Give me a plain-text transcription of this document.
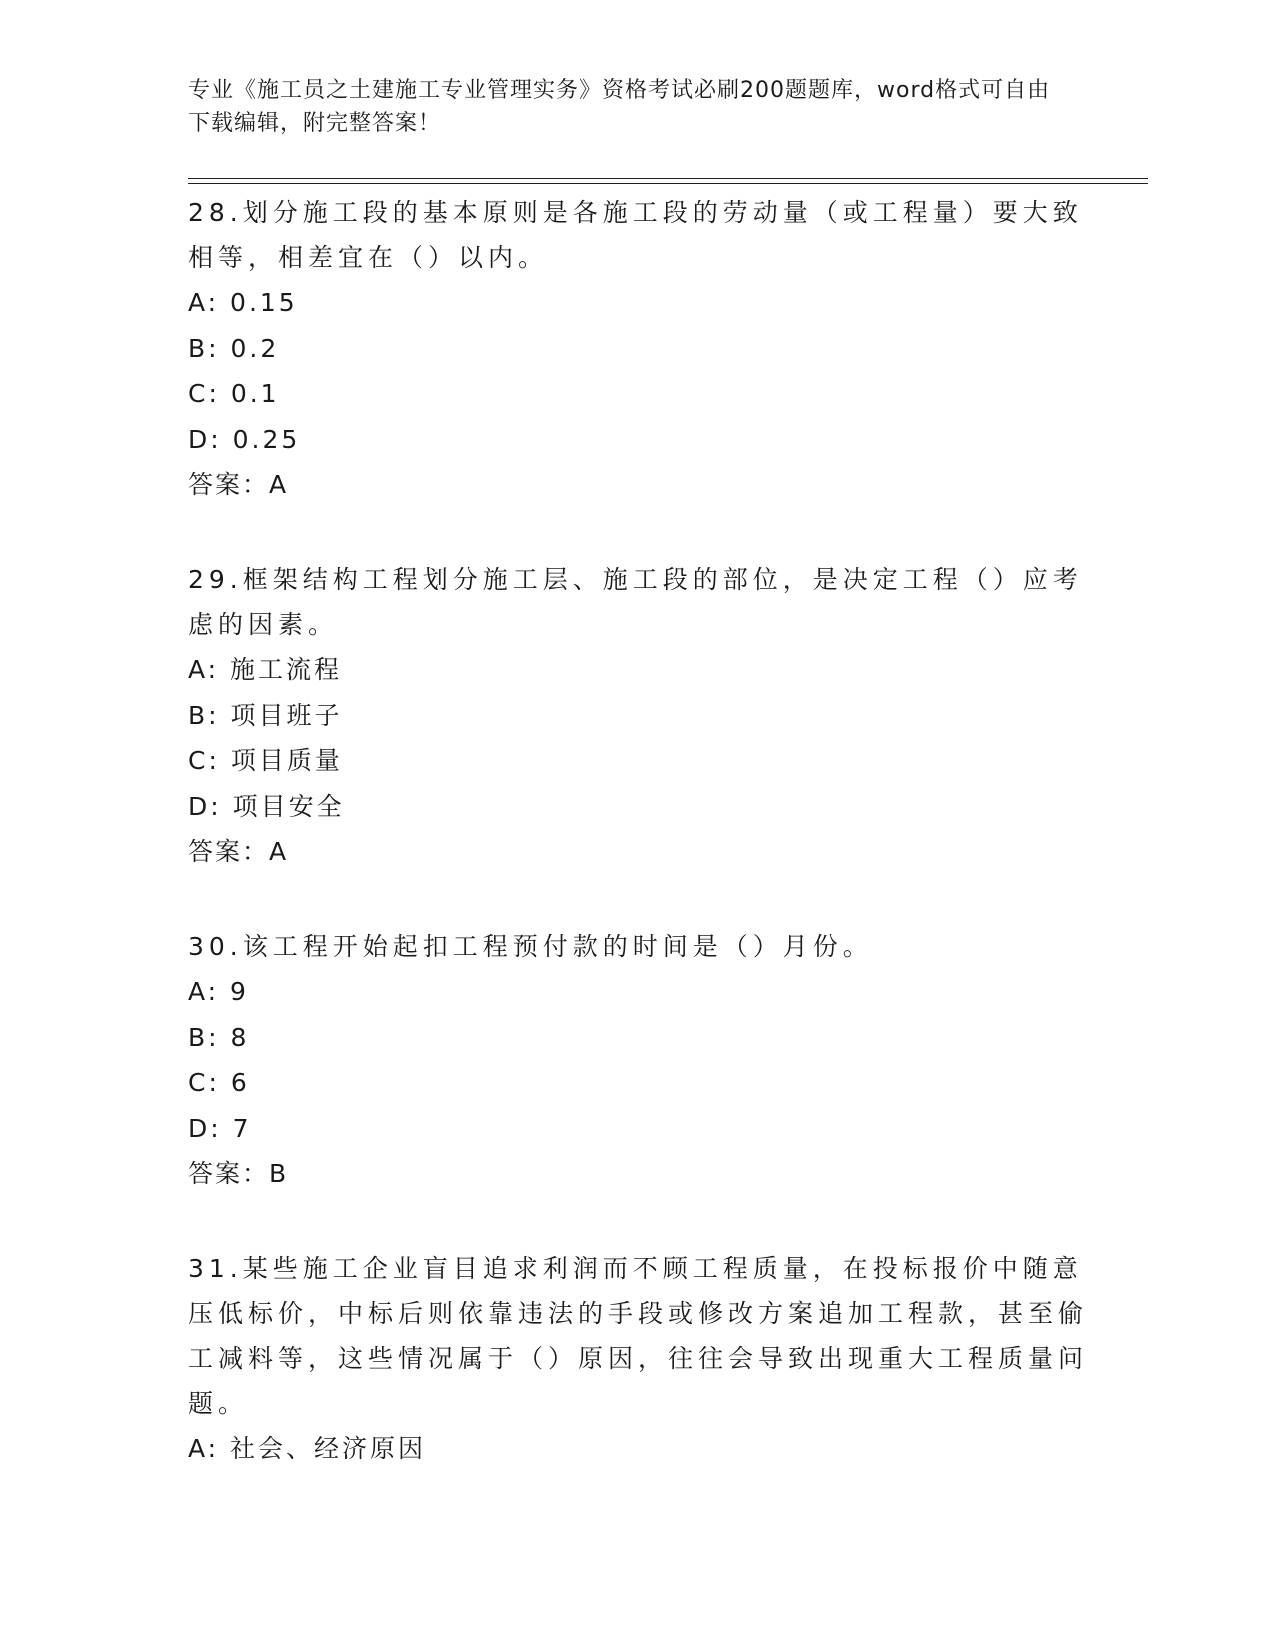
专业《施工员之土建施工专业管理实务》资格考试必刷200题题库，word格式可自由下载编辑，附完整答案！

28.划分施工段的基本原则是各施工段的劳动量（或工程量）要大致相等，相差宜在（）以内。

A: 0.15

B: 0.2

C: 0.1

D: 0.25

答案：A

29.框架结构工程划分施工层、施工段的部位，是决定工程（）应考虑的因素。

A: 施工流程

B: 项目班子

C: 项目质量

D: 项目安全

答案：A

30.该工程开始起扣工程预付款的时间是（）月份。

A: 9

B: 8

C: 6

D: 7

答案：B

31.某些施工企业盲目追求利润而不顾工程质量，在投标报价中随意压低标价，中标后则依靠违法的手段或修改方案追加工程款，甚至偷工减料等，这些情况属于（）原因，往往会导致出现重大工程质量问题。

A: 社会、经济原因
